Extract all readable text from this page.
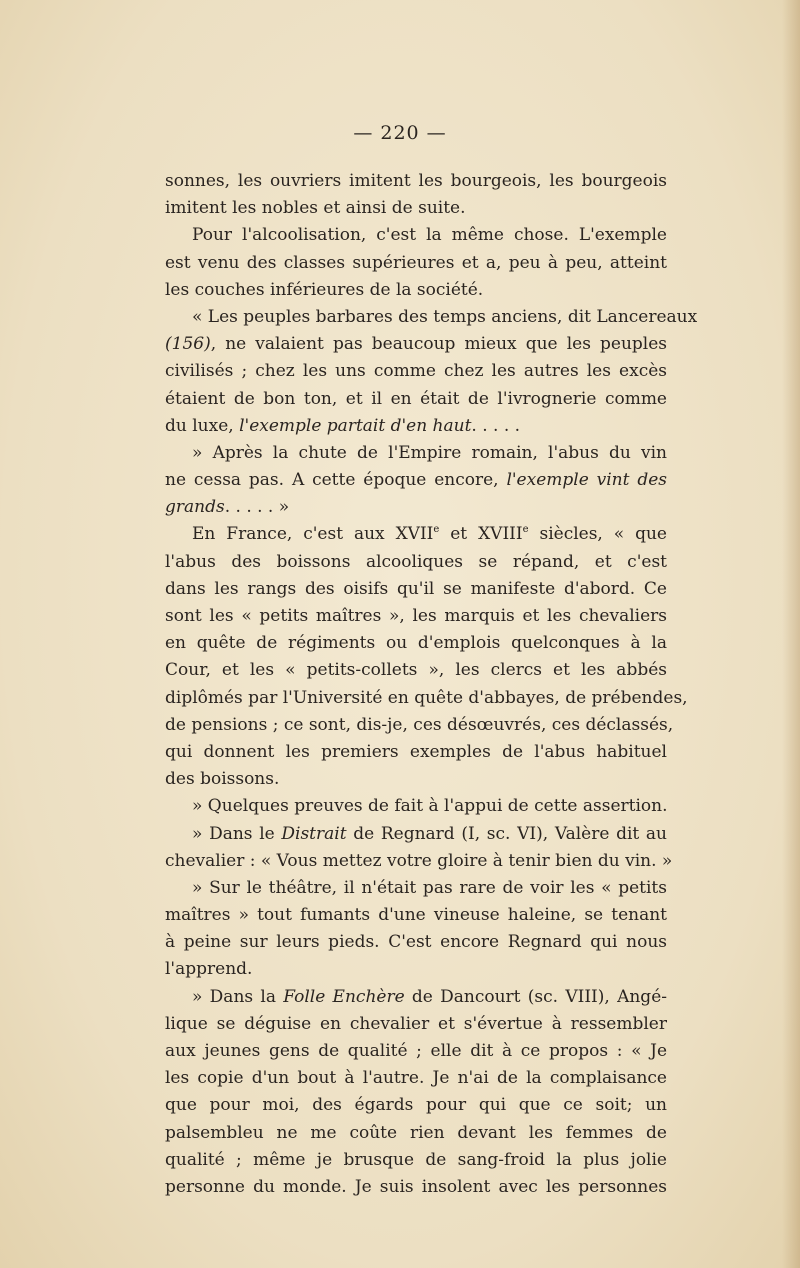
— 220 —
sonnes, les ouvriers imitent les bourgeois, les bourgeois
imitent les nobles et ainsi de suite.
Pour l'alcoolisation, c'est la même chose. L'exemple
est venu des classes supérieures et a, peu à peu, atteint
les couches inférieures de la société.
« Les peuples barbares des temps anciens, dit Lancereaux
(156), ne valaient pas beaucoup mieux que les peuples
civilisés ; chez les uns comme chez les autres les excès
étaient de bon ton, et il en était de l'ivrognerie comme
du luxe, l'exemple partait d'en haut. . . . .
» Après la chute de l'Empire romain, l'abus du vin
ne cessa pas. A cette époque encore, l'exemple vint des
grands. . . . . »
En France, c'est aux XVIIe et XVIIIe siècles, « que
l'abus des boissons alcooliques se répand, et c'est
dans les rangs des oisifs qu'il se manifeste d'abord. Ce
sont les « petits maîtres », les marquis et les chevaliers
en quête de régiments ou d'emplois quelconques à la
Cour, et les « petits-collets », les clercs et les abbés
diplômés par l'Université en quête d'abbayes, de prébendes,
de pensions ; ce sont, dis-je, ces désœuvrés, ces déclassés,
qui donnent les premiers exemples de l'abus habituel
des boissons.
» Quelques preuves de fait à l'appui de cette assertion.
» Dans le Distrait de Regnard (I, sc. VI), Valère dit au
chevalier : « Vous mettez votre gloire à tenir bien du vin. »
» Sur le théâtre, il n'était pas rare de voir les « petits
maîtres » tout fumants d'une vineuse haleine, se tenant
à peine sur leurs pieds. C'est encore Regnard qui nous
l'apprend.
» Dans la Folle Enchère de Dancourt (sc. VIII), Angé-
lique se déguise en chevalier et s'évertue à ressembler
aux jeunes gens de qualité ; elle dit à ce propos : « Je
les copie d'un bout à l'autre. Je n'ai de la complaisance
que pour moi, des égards pour qui que ce soit; un
palsembleu ne me coûte rien devant les femmes de
qualité ; même je brusque de sang-froid la plus jolie
personne du monde. Je suis insolent avec les personnes
